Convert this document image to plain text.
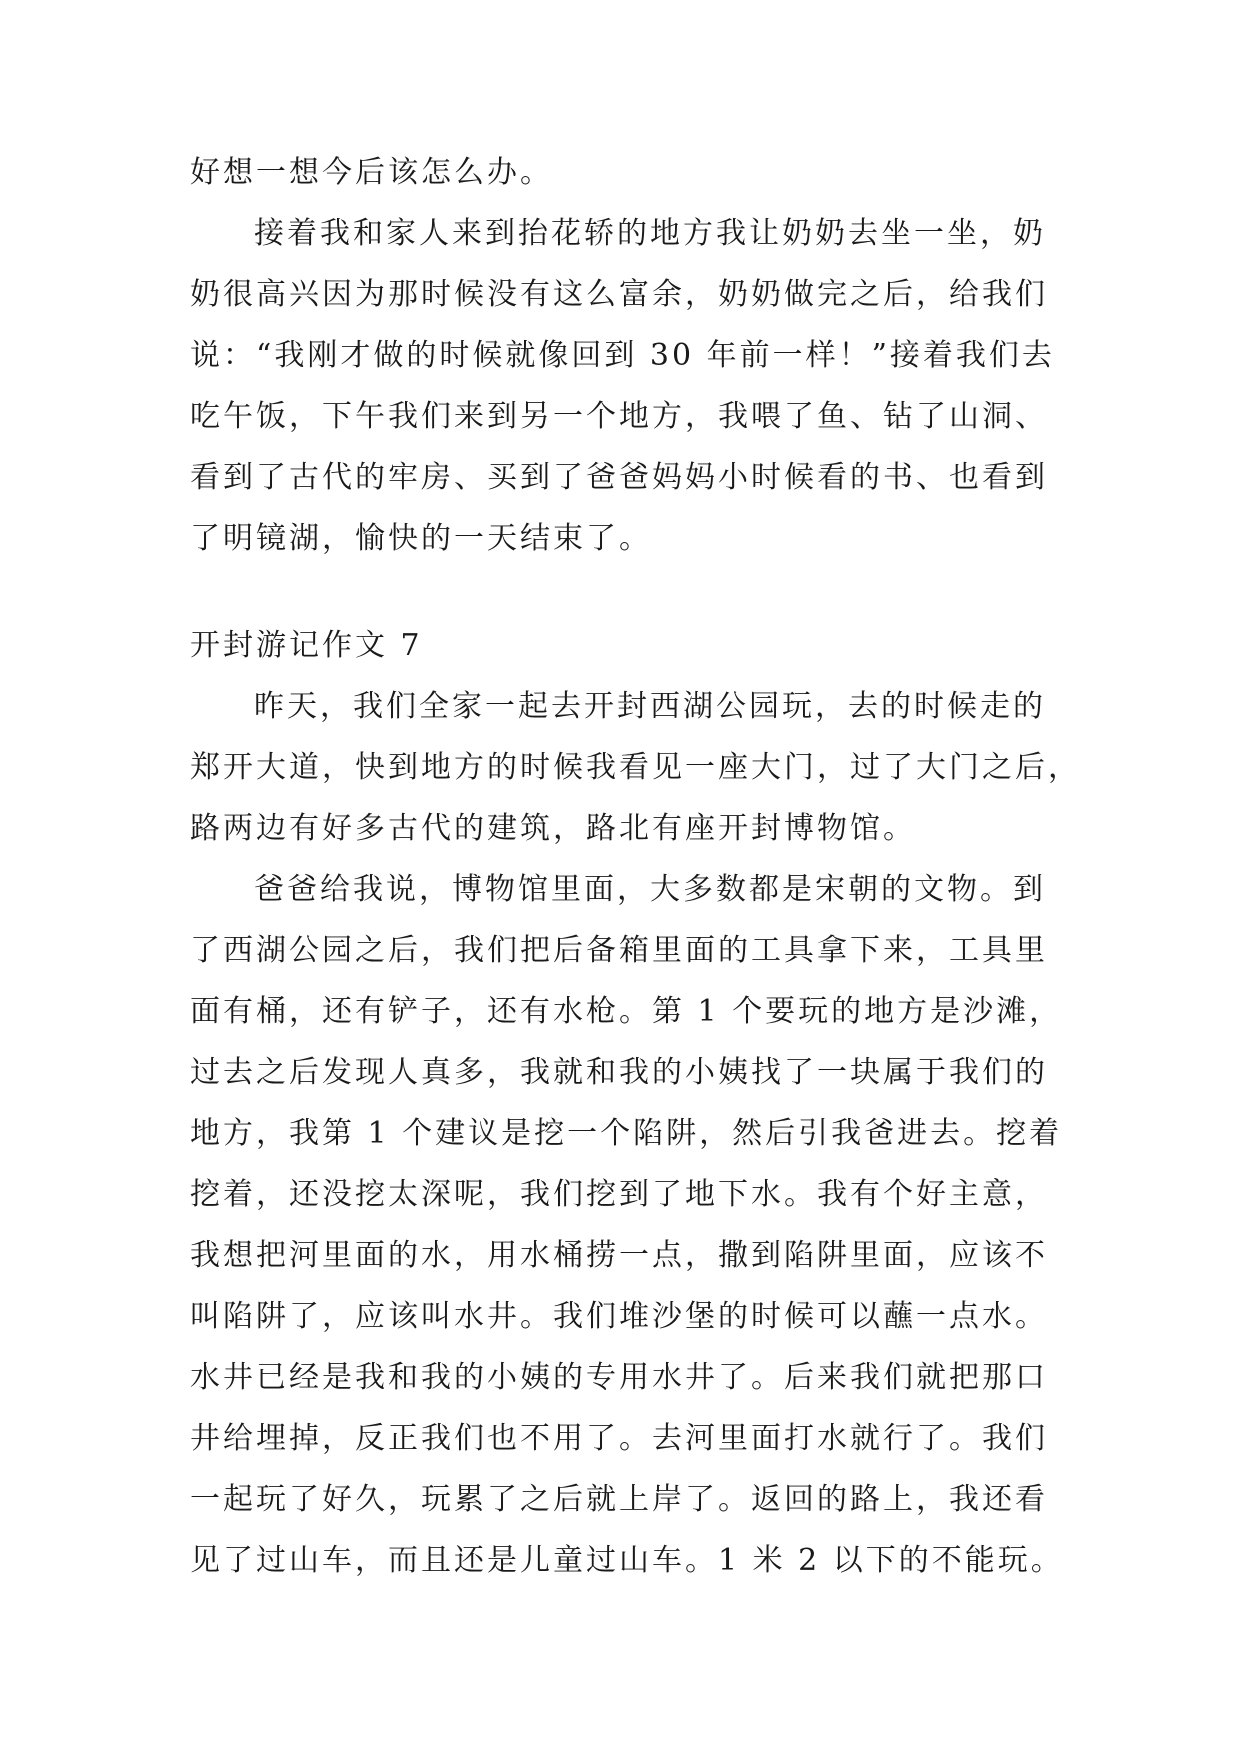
好想一想今后该怎么办。
接着我和家人来到抬花轿的地方我让奶奶去坐一坐，奶
奶很高兴因为那时候没有这么富余，奶奶做完之后，给我们
说：“我刚才做的时候就像回到 30 年前一样！”接着我们去
吃午饭，下午我们来到另一个地方，我喂了鱼、钻了山洞、
看到了古代的牢房、买到了爸爸妈妈小时候看的书、也看到
了明镜湖，愉快的一天结束了。
开封游记作文 7
昨天，我们全家一起去开封西湖公园玩，去的时候走的
郑开大道，快到地方的时候我看见一座大门，过了大门之后，
路两边有好多古代的建筑，路北有座开封博物馆。
爸爸给我说，博物馆里面，大多数都是宋朝的文物。到
了西湖公园之后，我们把后备箱里面的工具拿下来，工具里
面有桶，还有铲子，还有水枪。第 1 个要玩的地方是沙滩，
过去之后发现人真多，我就和我的小姨找了一块属于我们的
地方，我第 1 个建议是挖一个陷阱，然后引我爸进去。挖着
挖着，还没挖太深呢，我们挖到了地下水。我有个好主意，
我想把河里面的水，用水桶捞一点，撒到陷阱里面，应该不
叫陷阱了，应该叫水井。我们堆沙堡的时候可以蘸一点水。
水井已经是我和我的小姨的专用水井了。后来我们就把那口
井给埋掉，反正我们也不用了。去河里面打水就行了。我们
一起玩了好久，玩累了之后就上岸了。返回的路上，我还看
见了过山车，而且还是儿童过山车。1 米 2 以下的不能玩。
